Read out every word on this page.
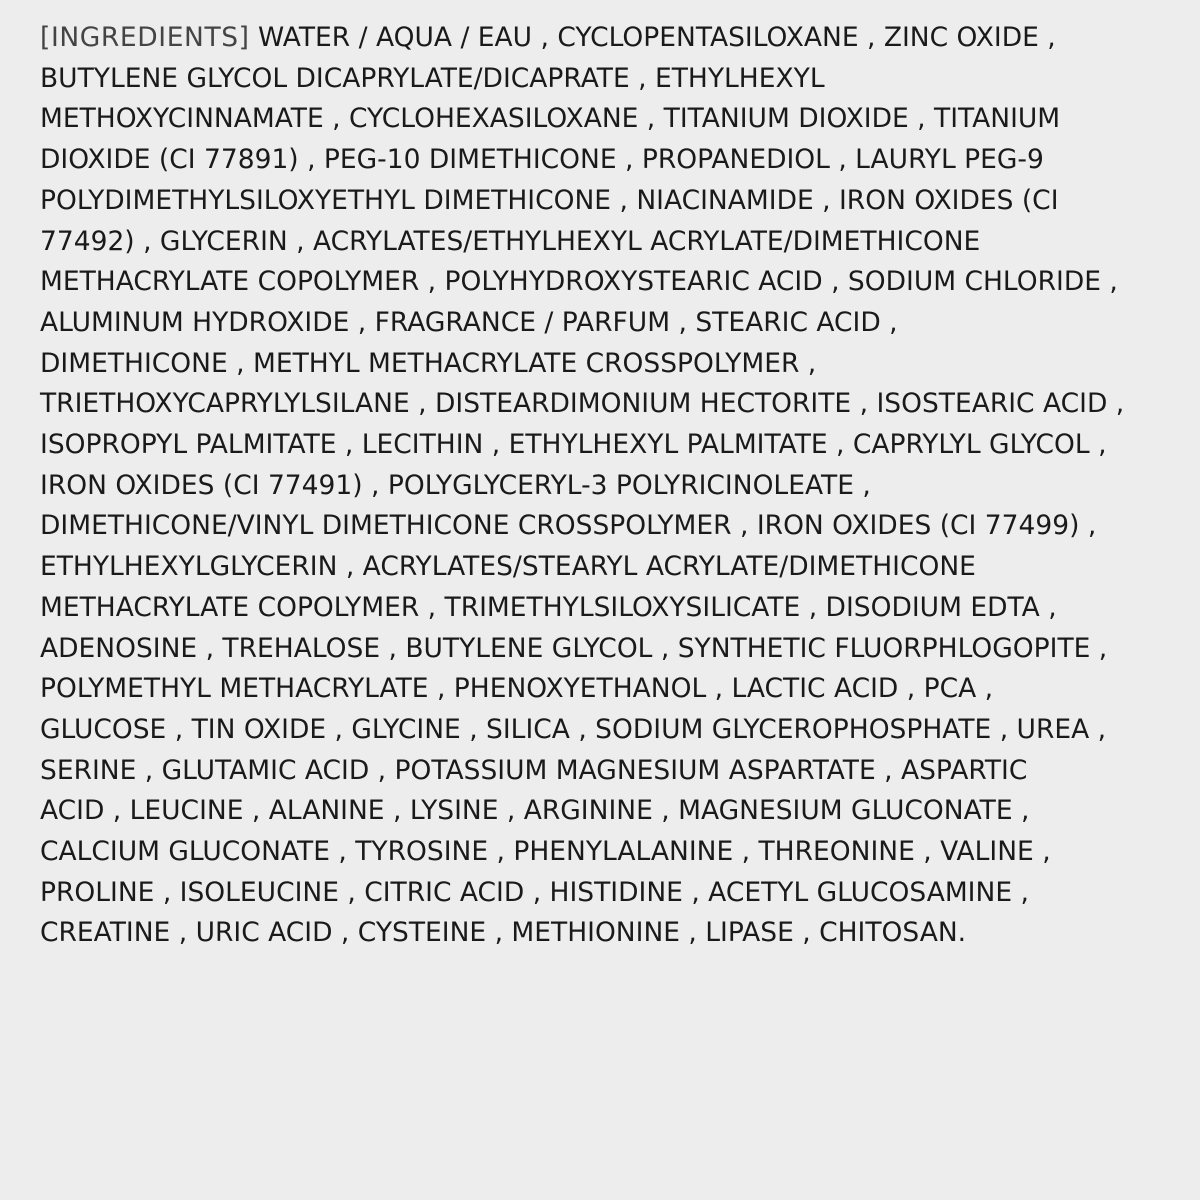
[INGREDIENTS] WATER / AQUA / EAU , CYCLOPENTASILOXANE , ZINC OXIDE ,
BUTYLENE GLYCOL DICAPRYLATE/DICAPRATE , ETHYLHEXYL
METHOXYCINNAMATE , CYCLOHEXASILOXANE , TITANIUM DIOXIDE , TITANIUM
DIOXIDE (CI 77891) , PEG-10 DIMETHICONE , PROPANEDIOL , LAURYL PEG-9
POLYDIMETHYLSILOXYETHYL DIMETHICONE , NIACINAMIDE , IRON OXIDES (CI
77492) , GLYCERIN , ACRYLATES/ETHYLHEXYL ACRYLATE/DIMETHICONE
METHACRYLATE COPOLYMER , POLYHYDROXYSTEARIC ACID , SODIUM CHLORIDE ,
ALUMINUM HYDROXIDE , FRAGRANCE / PARFUM , STEARIC ACID ,
DIMETHICONE , METHYL METHACRYLATE CROSSPOLYMER ,
TRIETHOXYCAPRYLYLSILANE , DISTEARDIMONIUM HECTORITE , ISOSTEARIC ACID ,
ISOPROPYL PALMITATE , LECITHIN , ETHYLHEXYL PALMITATE , CAPRYLYL GLYCOL ,
IRON OXIDES (CI 77491) , POLYGLYCERYL-3 POLYRICINOLEATE ,
DIMETHICONE/VINYL DIMETHICONE CROSSPOLYMER , IRON OXIDES (CI 77499) ,
ETHYLHEXYLGLYCERIN , ACRYLATES/STEARYL ACRYLATE/DIMETHICONE
METHACRYLATE COPOLYMER , TRIMETHYLSILOXYSILICATE , DISODIUM EDTA ,
ADENOSINE , TREHALOSE , BUTYLENE GLYCOL , SYNTHETIC FLUORPHLOGOPITE ,
POLYMETHYL METHACRYLATE , PHENOXYETHANOL , LACTIC ACID , PCA ,
GLUCOSE , TIN OXIDE , GLYCINE , SILICA , SODIUM GLYCEROPHOSPHATE , UREA ,
SERINE , GLUTAMIC ACID , POTASSIUM MAGNESIUM ASPARTATE , ASPARTIC
ACID , LEUCINE , ALANINE , LYSINE , ARGININE , MAGNESIUM GLUCONATE ,
CALCIUM GLUCONATE , TYROSINE , PHENYLALANINE , THREONINE , VALINE ,
PROLINE , ISOLEUCINE , CITRIC ACID , HISTIDINE , ACETYL GLUCOSAMINE ,
CREATINE , URIC ACID , CYSTEINE , METHIONINE , LIPASE , CHITOSAN.
